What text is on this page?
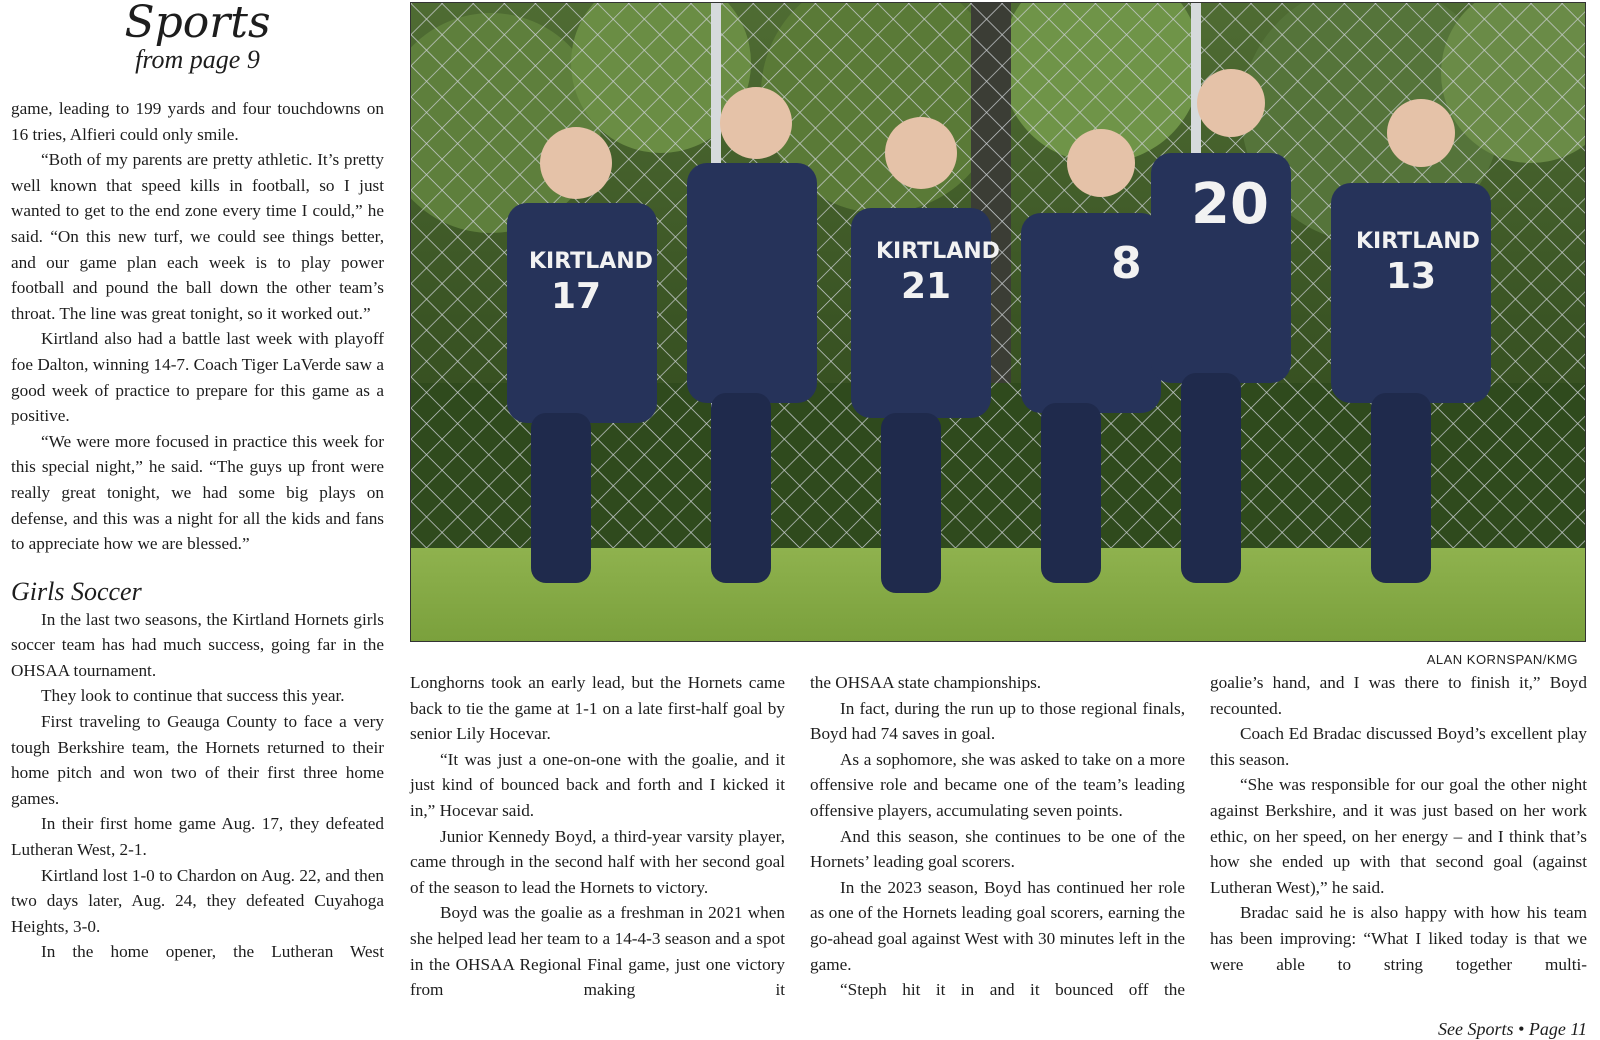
Sports
from page 9

game, leading to 199 yards and four touchdowns on 16 tries, Alfieri could only smile.

“Both of my parents are pretty athletic. It’s pretty well known that speed kills in football, so I just wanted to get to the end zone every time I could,” he said. “On this new turf, we could see things better, and our game plan each week is to play power football and pound the ball down the other team’s throat. The line was great tonight, so it worked out.”

Kirtland also had a battle last week with playoff foe Dalton, winning 14-7. Coach Tiger LaVerde saw a good week of practice to prepare for this game as a positive.

“We were more focused in practice this week for this special night,” he said. “The guys up front were really great tonight, we had some big plays on defense, and this was a night for all the kids and fans to appreciate how we are blessed.”

Girls Soccer

In the last two seasons, the Kirtland Hornets girls soccer team has had much success, going far in the OHSAA tournament.

They look to continue that success this year.

First traveling to Geauga County to face a very tough Berkshire team, the Hornets returned to their home pitch and won two of their first three home games.

In their first home game Aug. 17, they defeated Lutheran West, 2-1.

Kirtland lost 1-0 to Chardon on Aug. 22, and then two days later, Aug. 24, they defeated Cuyahoga Heights, 3-0.

In the home opener, the Lutheran West

KIRTLAND
17
KIRTLAND
21	8
20
KIRTLAND
13
ALAN KORNSPAN/KMG

Longhorns took an early lead, but the Hornets came back to tie the game at 1-1 on a late first-half goal by senior Lily Hocevar.

“It was just a one-on-one with the goalie, and it just kind of bounced back and forth and I kicked it in,” Hocevar said.

Junior Kennedy Boyd, a third-year varsity player, came through in the second half with her second goal of the season to lead the Hornets to victory.

Boyd was the goalie as a freshman in 2021 when she helped lead her team to a 14-4-3 season and a spot in the OHSAA Regional Final game, just one victory from making it

the OHSAA state championships.

In fact, during the run up to those regional finals, Boyd had 74 saves in goal.

As a sophomore, she was asked to take on a more offensive role and became one of the team’s leading offensive players, accumulating seven points.

And this season, she continues to be one of the Hornets’ leading goal scorers.

In the 2023 season, Boyd has continued her role as one of the Hornets leading goal scorers, earning the go-ahead goal against West with 30 minutes left in the game.

“Steph hit it in and it bounced off the

goalie’s hand, and I was there to finish it,” Boyd recounted.

Coach Ed Bradac discussed Boyd’s excellent play this season.

“She was responsible for our goal the other night against Berkshire, and it was just based on her work ethic, on her speed, on her energy – and I think that’s how she ended up with that second goal (against Lutheran West),” he said.

Bradac said he is also happy with how his team has been improving: “What I liked today is that we were able to string together multi-

See Sports • Page 11
